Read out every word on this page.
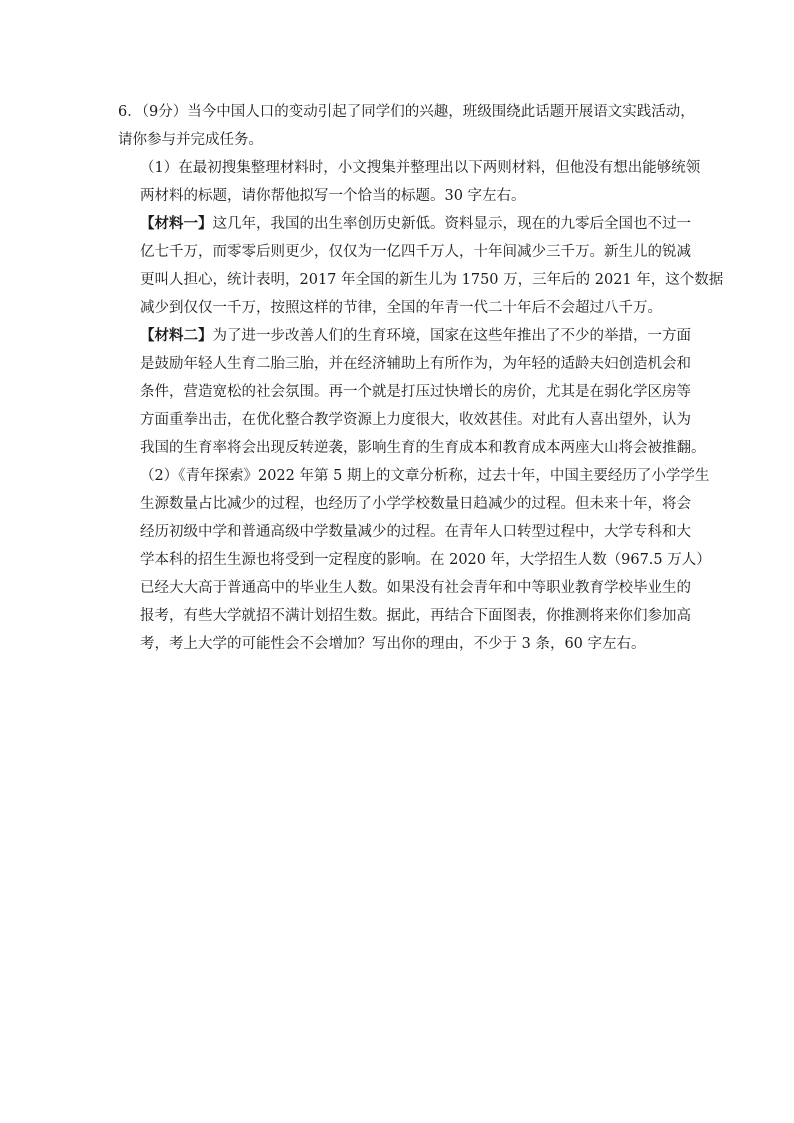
6．（9分）当今中国人口的变动引起了同学们的兴趣，班级围绕此话题开展语文实践活动，
请你参与并完成任务。
（1）在最初搜集整理材料时，小文搜集并整理出以下两则材料，但他没有想出能够统领
两材料的标题，请你帮他拟写一个恰当的标题。30 字左右。
【材料一】这几年，我国的出生率创历史新低。资料显示，现在的九零后全国也不过一
亿七千万，而零零后则更少，仅仅为一亿四千万人，十年间减少三千万。新生儿的锐减
更叫人担心，统计表明，2017 年全国的新生儿为 1750 万，三年后的 2021 年，这个数据
减少到仅仅一千万，按照这样的节律，全国的年青一代二十年后不会超过八千万。
【材料二】为了进一步改善人们的生育环境，国家在这些年推出了不少的举措，一方面
是鼓励年轻人生育二胎三胎，并在经济辅助上有所作为，为年轻的适龄夫妇创造机会和
条件，营造宽松的社会氛围。再一个就是打压过快增长的房价，尤其是在弱化学区房等
方面重拳出击，在优化整合教学资源上力度很大，收效甚佳。对此有人喜出望外，认为
我国的生育率将会出现反转逆袭，影响生育的生育成本和教育成本两座大山将会被推翻。
（2）《青年探索》2022 年第 5 期上的文章分析称，过去十年，中国主要经历了小学学生
生源数量占比减少的过程，也经历了小学学校数量日趋减少的过程。但未来十年，将会
经历初级中学和普通高级中学数量减少的过程。在青年人口转型过程中，大学专科和大
学本科的招生生源也将受到一定程度的影响。在 2020 年，大学招生人数（967.5 万人）
已经大大高于普通高中的毕业生人数。如果没有社会青年和中等职业教育学校毕业生的
报考，有些大学就招不满计划招生数。据此，再结合下面图表，你推测将来你们参加高
考，考上大学的可能性会不会增加？写出你的理由，不少于 3 条，60 字左右。
